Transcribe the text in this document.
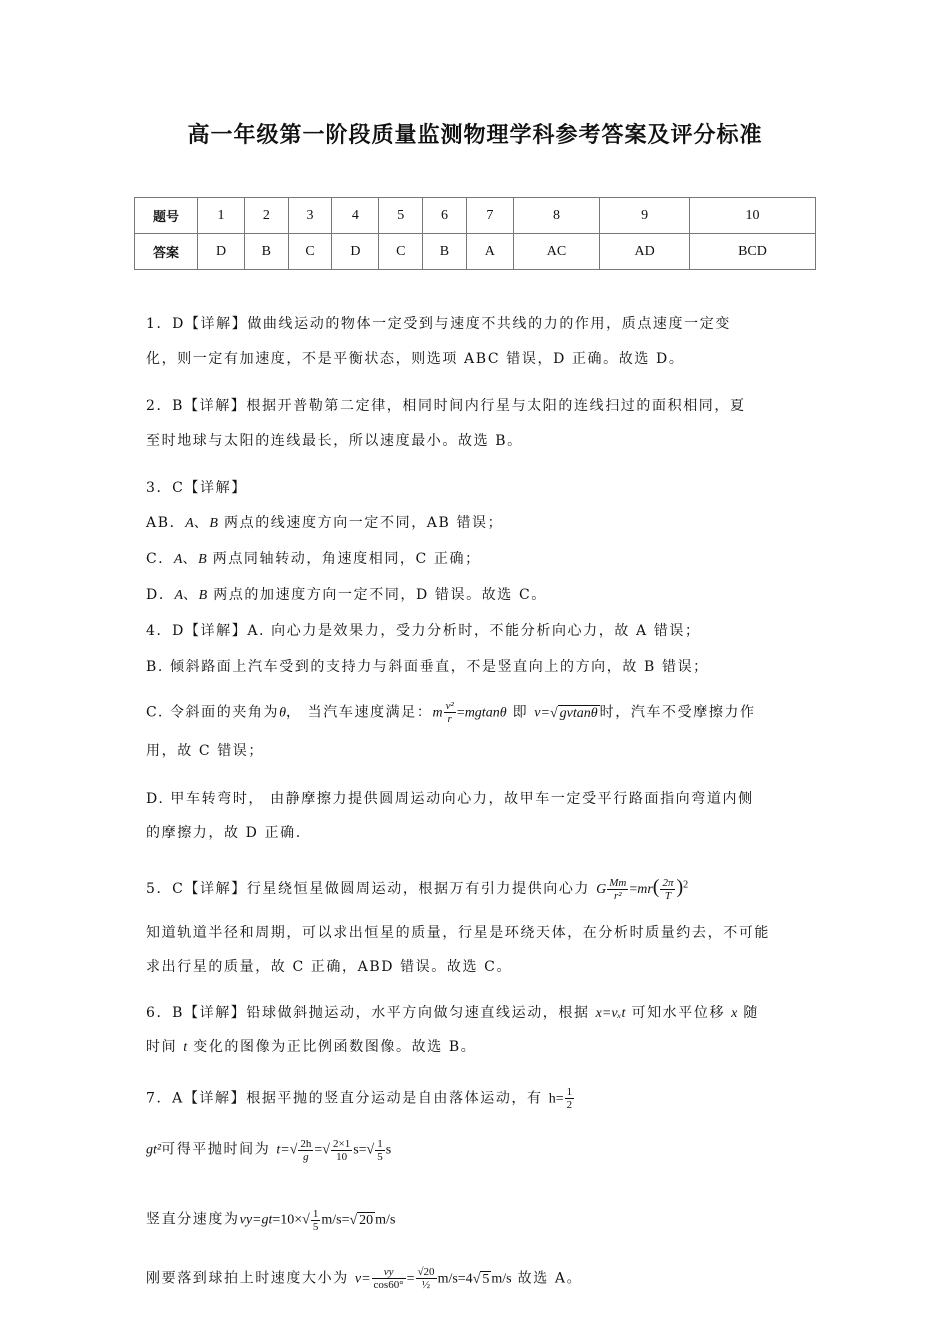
高一年级第一阶段质量监测物理学科参考答案及评分标准
题号	1	2	3	4	5	6	7	8	9	10
答案	D	B	C	D	C	B	A	AC	AD	BCD
1．D【详解】做曲线运动的物体一定受到与速度不共线的力的作用，质点速度一定变
化，则一定有加速度，不是平衡状态，则选项 ABC 错误，D 正确。故选 D。
2．B【详解】根据开普勒第二定律，相同时间内行星与太阳的连线扫过的面积相同，夏
至时地球与太阳的连线最长，所以速度最小。故选 B。
3．C【详解】
AB．A、B 两点的线速度方向一定不同，AB 错误；
C．A、B 两点同轴转动，角速度相同，C 正确；
D．A、B 两点的加速度方向一定不同，D 错误。故选 C。
4．D【详解】A. 向心力是效果力，受力分析时，不能分析向心力，故 A 错误；
B. 倾斜路面上汽车受到的支持力与斜面垂直，不是竖直向上的方向，故 B 错误；
C. 令斜面的夹角为θ， 当汽车速度满足：m $\frac{\text{v²}}{r} =mgtan\theta$ 即 v=√ gvtanθ 时，汽车不受摩擦力作
用，故 C 错误；
D. 甲车转弯时， 由静摩擦力提供圆周运动向心力，故甲车一定受平行路面指向弯道内侧
的摩擦力，故 D 正确.
5．C【详解】行星绕恒星做圆周运动，根据万有引力提供向心力 G $\frac{Mm}{\text{r²}} =mr( \frac{2\pi}{T} )^2$
知道轨道半径和周期，可以求出恒星的质量，行星是环绕天体，在分析时质量约去，不可能
求出行星的质量，故 C 正确，ABD 错误。故选 C。
6．B【详解】铅球做斜抛运动，水平方向做匀速直线运动，根据 x=vₓt 可知水平位移 x 随
时间 t 变化的图像为正比例函数图像。故选 B。
7．A【详解】根据平抛的竖直分运动是自由落体运动，有 $h= \frac{1}{2}$
gt²可得平抛时间为 $t=√ \frac{2h}{g}$ =√ $\frac{2\times 1}{10} s=√ \frac{1}{5}$ s
竖直分速度为$vy=gt=10\times√ \frac{1}{5} m/s=√$ 20 m/s
刚要落到球拍上时速度大小为 $v= \frac{vy}{\cos 60^\circ} = \frac{√20}{\text{½}} m/s=4√$ 5 m/s 故选 A。
